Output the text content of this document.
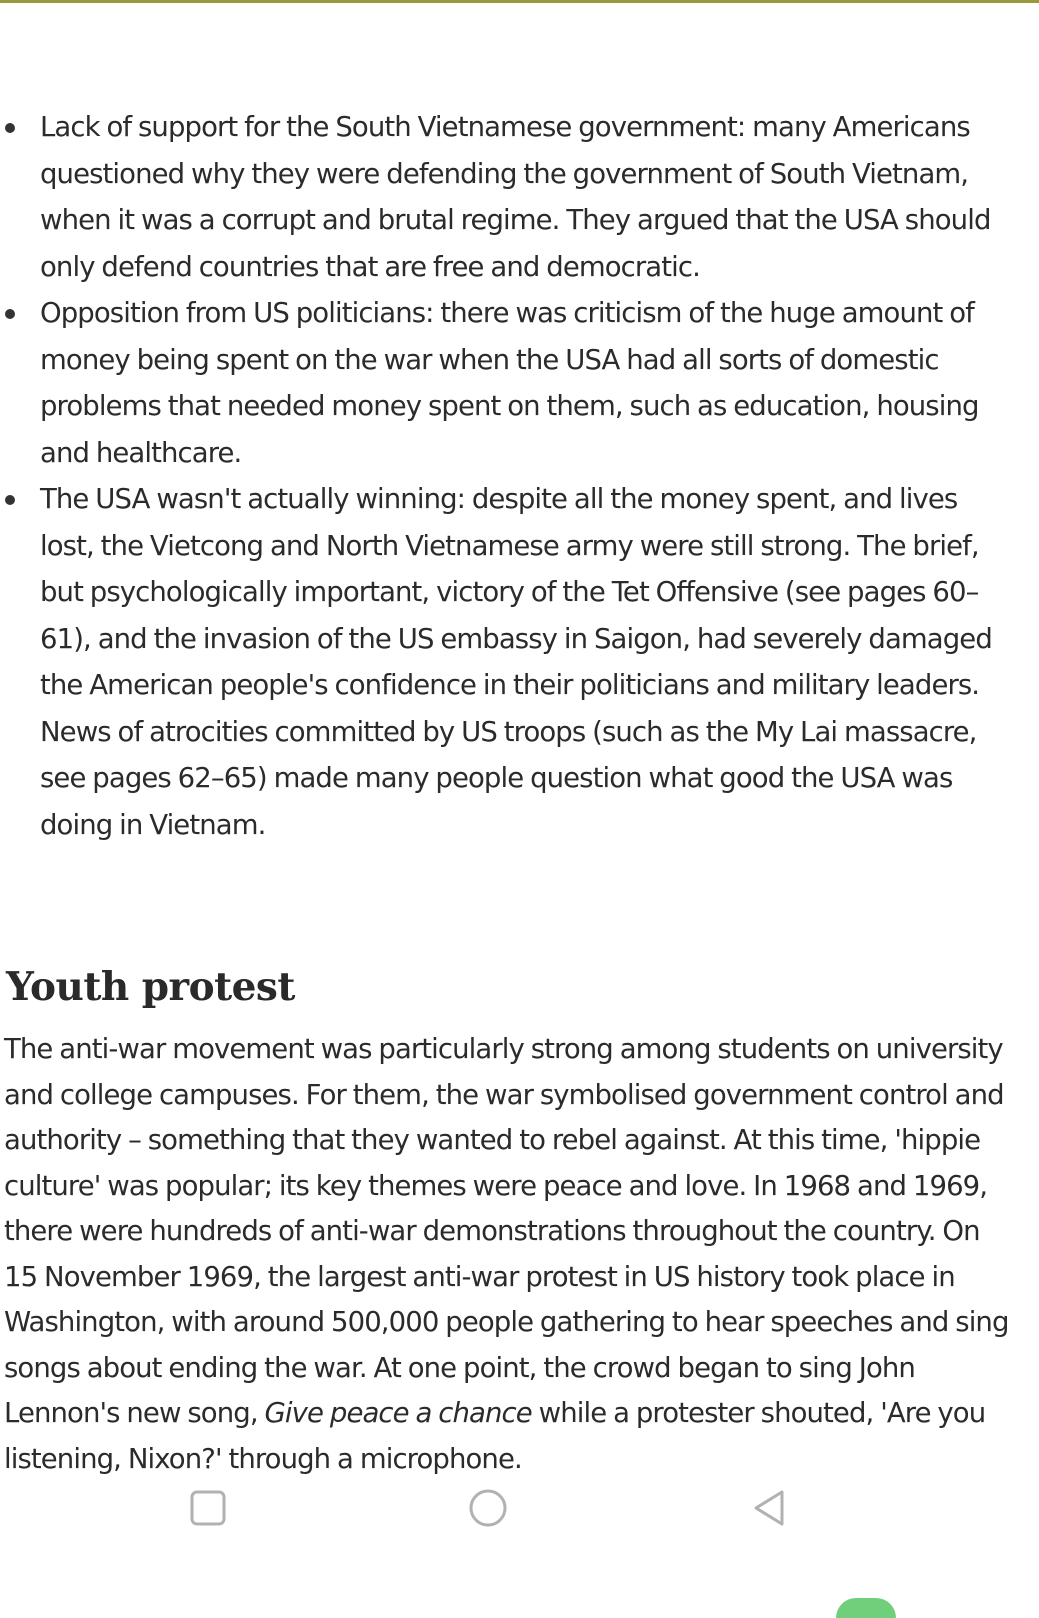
Lack of support for the South Vietnamese government: many Americans questioned why they were defending the government of South Vietnam, when it was a corrupt and brutal regime. They argued that the USA should only defend countries that are free and democratic.
Opposition from US politicians: there was criticism of the huge amount of money being spent on the war when the USA had all sorts of domestic problems that needed money spent on them, such as education, housing and healthcare.
The USA wasn't actually winning: despite all the money spent, and lives lost, the Vietcong and North Vietnamese army were still strong. The brief, but psychologically important, victory of the Tet Offensive (see pages 60–61), and the invasion of the US embassy in Saigon, had severely damaged the American people's confidence in their politicians and military leaders. News of atrocities committed by US troops (such as the My Lai massacre, see pages 62–65) made many people question what good the USA was doing in Vietnam.
Youth protest

The anti-war movement was particularly strong among students on university and college campuses. For them, the war symbolised government control and authority – something that they wanted to rebel against. At this time, 'hippie culture' was popular; its key themes were peace and love. In 1968 and 1969, there were hundreds of anti-war demonstrations throughout the country. On 15 November 1969, the largest anti-war protest in US history took place in Washington, with around 500,000 people gathering to hear speeches and sing songs about ending the war. At one point, the crowd began to sing John Lennon's new song, Give peace a chance while a protester shouted, 'Are you listening, Nixon?' through a microphone.
